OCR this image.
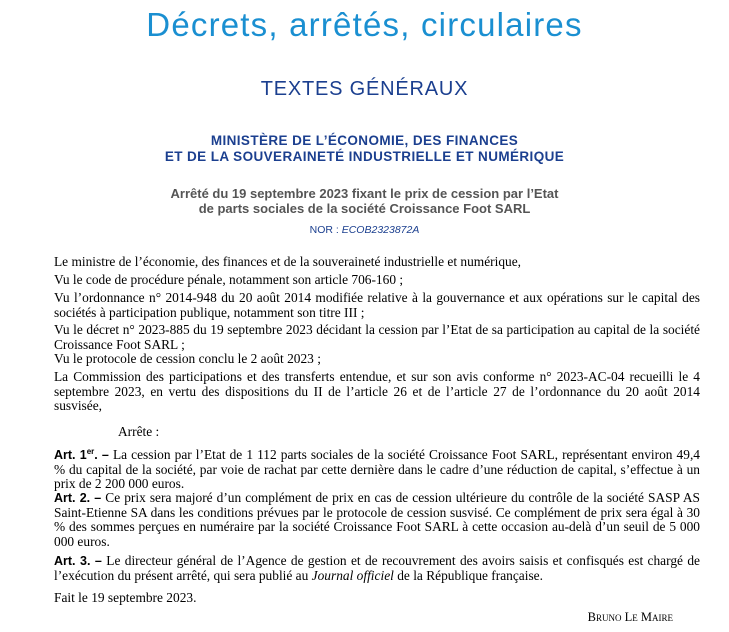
Décrets, arrêtés, circulaires
TEXTES GÉNÉRAUX
MINISTÈRE DE L’ÉCONOMIE, DES FINANCES
ET DE LA SOUVERAINETÉ INDUSTRIELLE ET NUMÉRIQUE
Arrêté du 19 septembre 2023 fixant le prix de cession par l’Etat
de parts sociales de la société Croissance Foot SARL
NOR : ECOB2323872A
Le ministre de l’économie, des finances et de la souveraineté industrielle et numérique,
Vu le code de procédure pénale, notamment son article 706-160 ;
Vu l’ordonnance n° 2014-948 du 20 août 2014 modifiée relative à la gouvernance et aux opérations sur le capital des sociétés à participation publique, notamment son titre III ;
Vu le décret n° 2023-885 du 19 septembre 2023 décidant la cession par l’Etat de sa participation au capital de la société Croissance Foot SARL ;
Vu le protocole de cession conclu le 2 août 2023 ;
La Commission des participations et des transferts entendue, et sur son avis conforme n° 2023-AC-04 recueilli le 4 septembre 2023, en vertu des dispositions du II de l’article 26 et de l’article 27 de l’ordonnance du 20 août 2014 susvisée,
Arrête :
Art. 1er. – La cession par l’Etat de 1 112 parts sociales de la société Croissance Foot SARL, représentant environ 49,4 % du capital de la société, par voie de rachat par cette dernière dans le cadre d’une réduction de capital, s’effectue à un prix de 2 200 000 euros.
Art. 2. – Ce prix sera majoré d’un complément de prix en cas de cession ultérieure du contrôle de la société SASP AS Saint-Etienne SA dans les conditions prévues par le protocole de cession susvisé. Ce complément de prix sera égal à 30 % des sommes perçues en numéraire par la société Croissance Foot SARL à cette occasion au-delà d’un seuil de 5 000 000 euros.
Art. 3. – Le directeur général de l’Agence de gestion et de recouvrement des avoirs saisis et confisqués est chargé de l’exécution du présent arrêté, qui sera publié au Journal officiel de la République française.
Fait le 19 septembre 2023.
Bruno Le Maire
